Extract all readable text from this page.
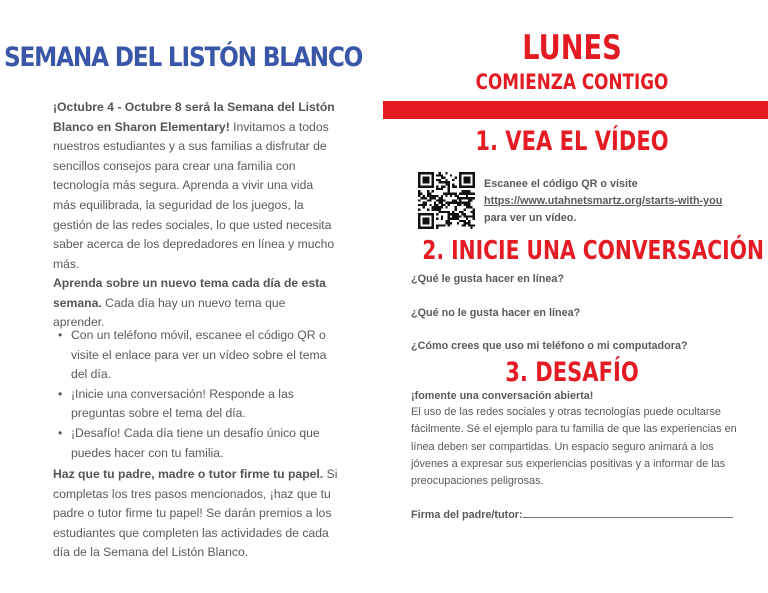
SEMANA DEL LISTÓN BLANCO

¡Octubre 4 - Octubre 8 será la Semana del Listón Blanco en Sharon Elementary! Invitamos a todos nuestros estudiantes y a sus familias a disfrutar de sencillos consejos para crear una familia con tecnología más segura. Aprenda a vivir una vida más equilibrada, la seguridad de los juegos, la gestión de las redes sociales, lo que usted necesita saber acerca de los depredadores en línea y mucho más.

Aprenda sobre un nuevo tema cada día de esta semana. Cada día hay un nuevo tema que aprender.

• Con un teléfono móvil, escanee el código QR o visite el enlace para ver un vídeo sobre el tema del día.
• ¡Inicie una conversación! Responde a las preguntas sobre el tema del día.
• ¡Desafío! Cada día tiene un desafío único que puedes hacer con tu familia.

Haz que tu padre, madre o tutor firme tu papel. Si completas los tres pasos mencionados, ¡haz que tu padre o tutor firme tu papel! Se darán premios a los estudiantes que completen las actividades de cada día de la Semana del Listón Blanco.

LUNES
COMIENZA CONTIGO
1. VEA EL VÍDEO
Escanee el código QR o visite
https://www.utahnetsmartz.org/starts-with-you
para ver un vídeo.
2. INICIE UNA CONVERSACIÓN
¿Qué le gusta hacer en línea?
¿Qué no le gusta hacer en línea?
¿Cómo crees que uso mi teléfono o mi computadora?
3. DESAFÍO
¡fomente una conversación abierta!
El uso de las redes sociales y otras tecnologías puede ocultarse fácilmente. Sé el ejemplo para tu familia de que las experiencias en línea deben ser compartidas. Un espacio seguro animará a los jóvenes a expresar sus experiencias positivas y a informar de las preocupaciones peligrosas.
Firma del padre/tutor:
